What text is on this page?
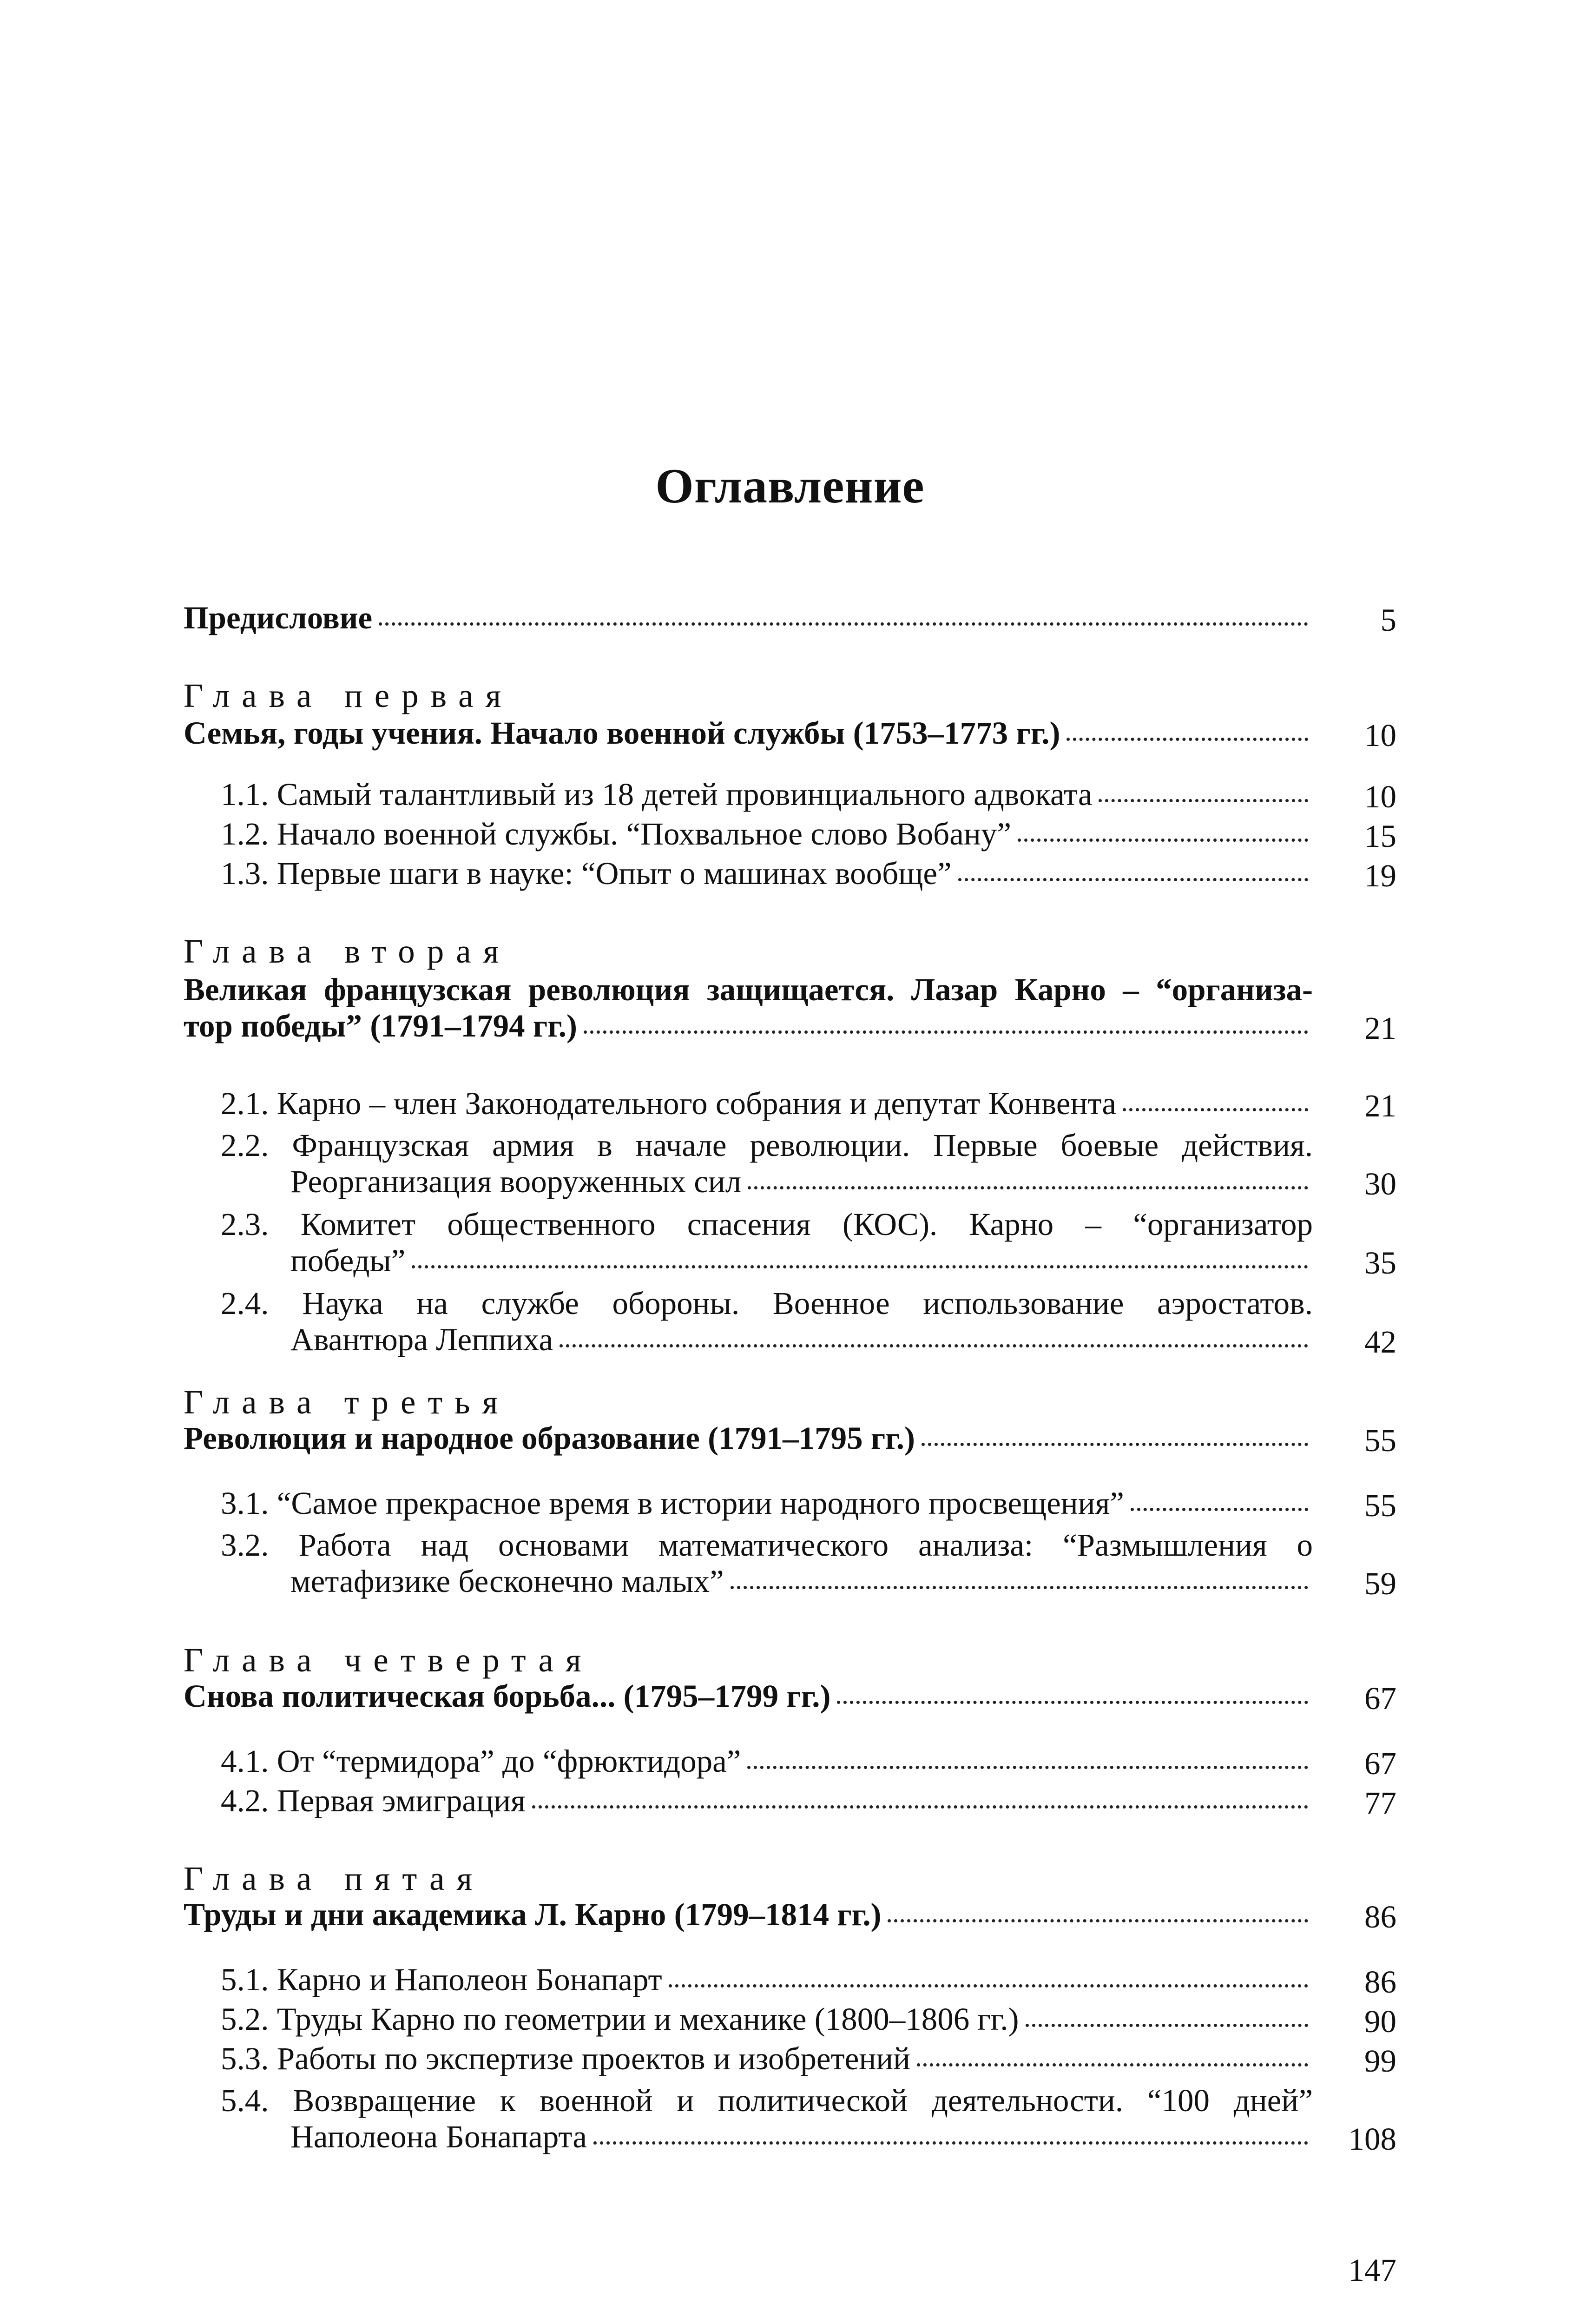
Оглавление
Предисловие	5
Глава первая
Семья, годы учения. Начало военной службы (1753–1773 гг.)	10
1.1. Самый талантливый из 18 детей провинциального адвоката	10
1.2. Начало военной службы. “Похвальное слово Вобану”	15
1.3. Первые шаги в науке: “Опыт о машинах вообще”	19
Глава вторая
Великая французская революция защищается. Лазар Карно – “организа-
тор победы” (1791–1794 гг.)	21
2.1. Карно – член Законодательного собрания и депутат Конвента	21
2.2. Французская армия в начале революции. Первые боевые действия.
Реорганизация вооруженных сил	30
2.3. Комитет общественного спасения (КОС). Карно – “организатор
победы”	35
2.4. Наука на службе обороны. Военное использование аэростатов.
Авантюра Леппиха	42
Глава третья
Революция и народное образование (1791–1795 гг.)	55
3.1. “Самое прекрасное время в истории народного просвещения”	55
3.2. Работа над основами математического анализа: “Размышления о
метафизике бесконечно малых”	59
Глава четвертая
Снова политическая борьба... (1795–1799 гг.)	67
4.1. От “термидора” до “фрюктидора”	67
4.2. Первая эмиграция	77
Глава пятая
Труды и дни академика Л. Карно (1799–1814 гг.)	86
5.1. Карно и Наполеон Бонапарт	86
5.2. Труды Карно по геометрии и механике (1800–1806 гг.)	90
5.3. Работы по экспертизе проектов и изобретений	99
5.4. Возвращение к военной и политической деятельности. “100 дней”
Наполеона Бонапарта	108
147
